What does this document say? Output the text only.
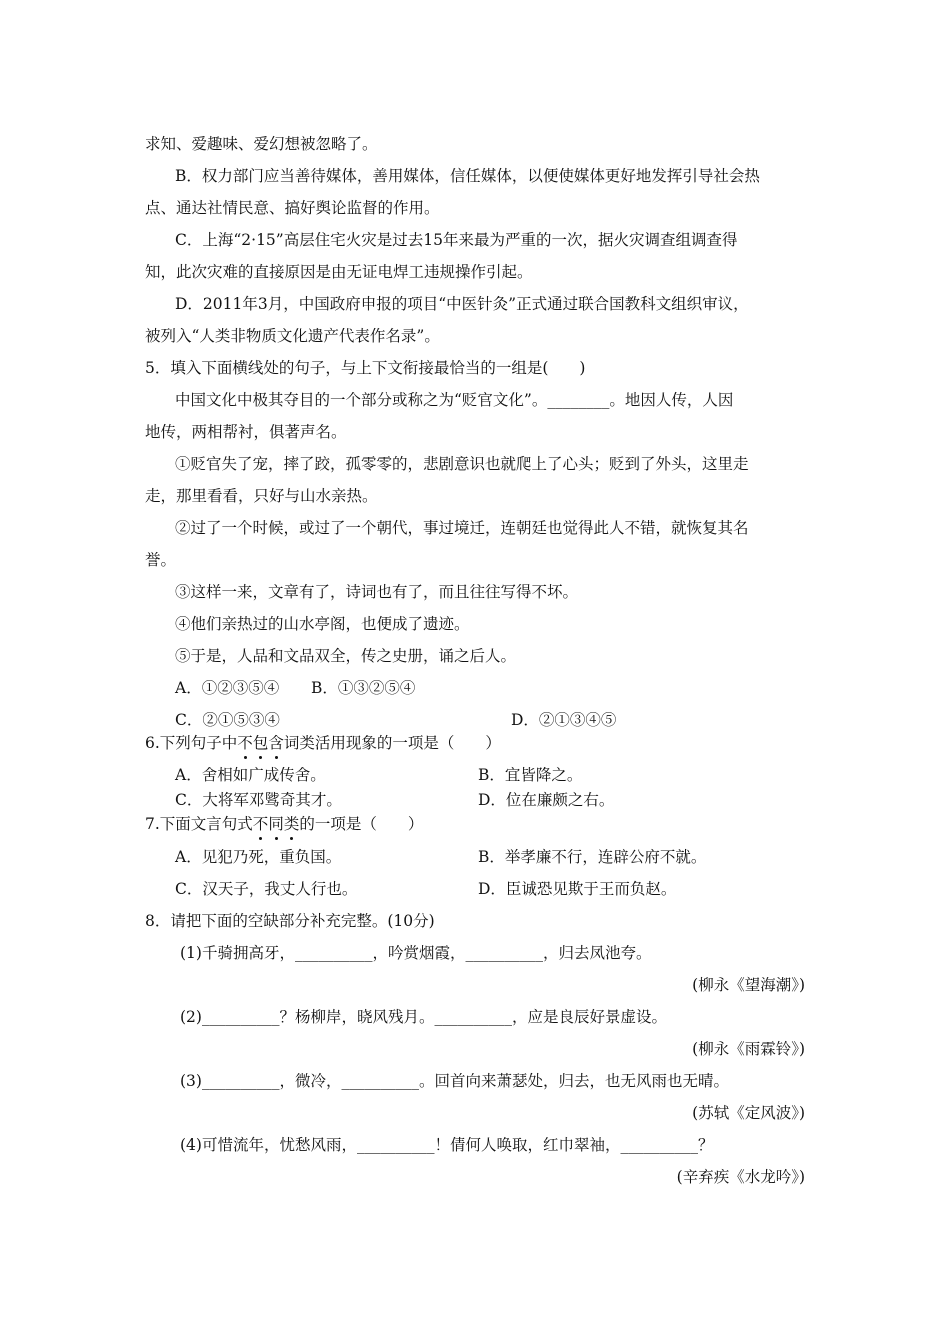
求知、爱趣味、爱幻想被忽略了。
B．权力部门应当善待媒体，善用媒体，信任媒体，以便使媒体更好地发挥引导社会热
点、通达社情民意、搞好舆论监督的作用。
C．上海“2·15”高层住宅火灾是过去15年来最为严重的一次，据火灾调查组调查得
知，此次灾难的直接原因是由无证电焊工违规操作引起。
D．2011年3月，中国政府申报的项目“中医针灸”正式通过联合国教科文组织审议，
被列入“人类非物质文化遗产代表作名录”。
5．填入下面横线处的句子，与上下文衔接最恰当的一组是(　　)
中国文化中极其夺目的一个部分或称之为“贬官文化”。________。地因人传，人因
地传，两相帮衬，俱著声名。
①贬官失了宠，摔了跤，孤零零的，悲剧意识也就爬上了心头；贬到了外头，这里走
走，那里看看，只好与山水亲热。
②过了一个时候，或过了一个朝代，事过境迁，连朝廷也觉得此人不错，就恢复其名
誉。
③这样一来，文章有了，诗词也有了，而且往往写得不坏。
④他们亲热过的山水亭阁，也便成了遗迹。
⑤于是，人品和文品双全，传之史册，诵之后人。
A．①②③⑤④ B．①③②⑤④
C．②①⑤③④	D．②①③④⑤
6.下列句子中不包含词类活用现象的一项是（　　）
A．舍相如广成传舍。	B．宜皆降之。
C．大将军邓骘奇其才。	D．位在廉颇之右。
7.下面文言句式不同类的一项是（　　）
A．见犯乃死，重负国。	B．举孝廉不行，连辟公府不就。
C．汉天子，我丈人行也。	D．臣诚恐见欺于王而负赵。
8．请把下面的空缺部分补充完整。(10分)
(1)千骑拥高牙，__________，吟赏烟霞，__________，归去凤池夸。
(柳永《望海潮》)
(2)__________？杨柳岸，晓风残月。__________，应是良辰好景虚设。
(柳永《雨霖铃》)
(3)__________，微冷，__________。回首向来萧瑟处，归去，也无风雨也无晴。
(苏轼《定风波》)
(4)可惜流年，忧愁风雨，__________！倩何人唤取，红巾翠袖，__________？
(辛弃疾《水龙吟》)
